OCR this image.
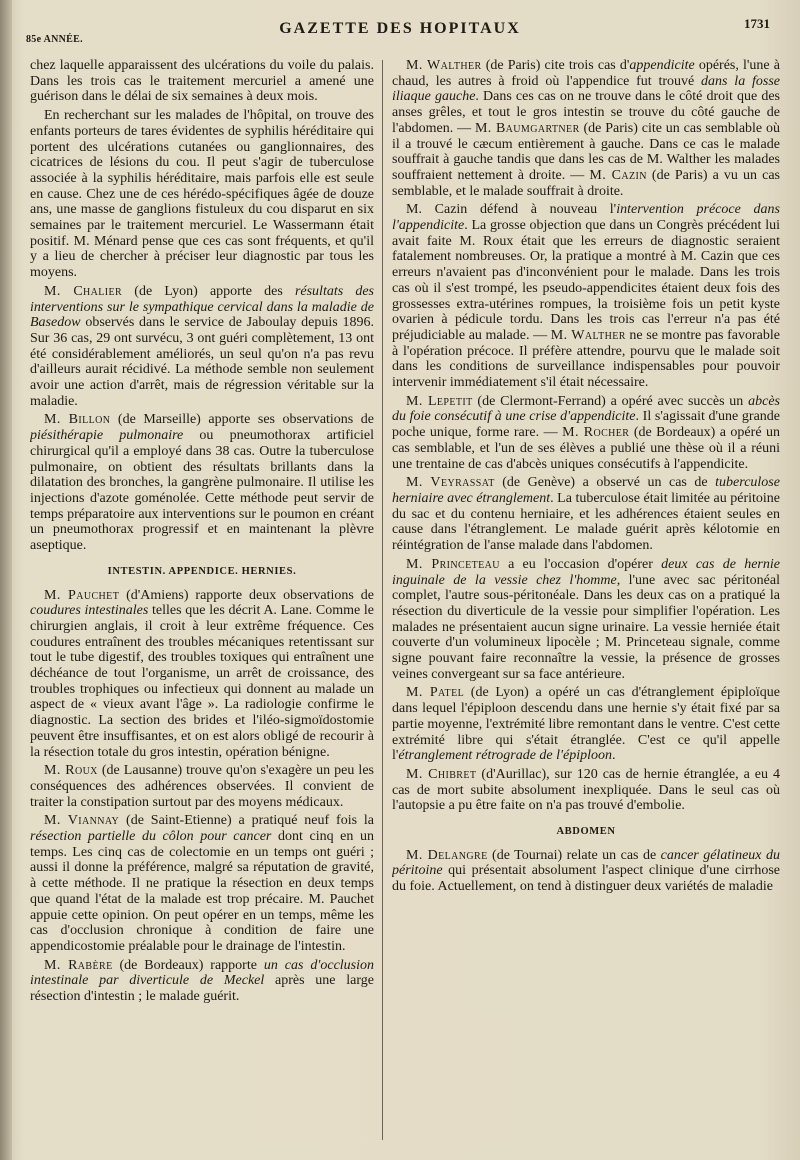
85e ANNÉE.
GAZETTE DES HOPITAUX	1731

chez laquelle apparaissent des ulcérations du voile du palais. Dans les trois cas le traitement mercuriel a amené une guérison dans le délai de six semaines à deux mois.

En recherchant sur les malades de l'hôpital, on trouve des enfants porteurs de tares évidentes de syphilis héréditaire qui portent des ulcérations cutanées ou ganglionnaires, des cicatrices de lésions du cou. Il peut s'agir de tuberculose associée à la syphilis héréditaire, mais parfois elle est seule en cause. Chez une de ces hérédo-spécifiques âgée de douze ans, une masse de ganglions fistuleux du cou disparut en six semaines par le traitement mercuriel. Le Wassermann était positif. M. Ménard pense que ces cas sont fréquents, et qu'il y a lieu de chercher à préciser leur diagnostic par tous les moyens.

M. Chalier (de Lyon) apporte des résultats des interventions sur le sympathique cervical dans la maladie de Basedow observés dans le service de Jaboulay depuis 1896. Sur 36 cas, 29 ont survécu, 3 ont guéri complètement, 13 ont été considérablement améliorés, un seul qu'on n'a pas revu d'ailleurs aurait récidivé. La méthode semble non seulement avoir une action d'arrêt, mais de régression véritable sur la maladie.

M. Billon (de Marseille) apporte ses observations de piésithérapie pulmonaire ou pneumothorax artificiel chirurgical qu'il a employé dans 38 cas. Outre la tuberculose pulmonaire, on obtient des résultats brillants dans la dilatation des bronches, la gangrène pulmonaire. Il utilise les injections d'azote goménolée. Cette méthode peut servir de temps préparatoire aux interventions sur le poumon en créant un pneumothorax progressif et en maintenant la plèvre aseptique.

INTESTIN. APPENDICE. HERNIES.

M. Pauchet (d'Amiens) rapporte deux observations de coudures intestinales telles que les décrit A. Lane. Comme le chirurgien anglais, il croit à leur extrême fréquence. Ces coudures entraînent des troubles mécaniques retentissant sur tout le tube digestif, des troubles toxiques qui entraînent une déchéance de tout l'organisme, un arrêt de croissance, des troubles trophiques ou infectieux qui donnent au malade un aspect de « vieux avant l'âge ». La radiologie confirme le diagnostic. La section des brides et l'iléo-sigmoïdostomie peuvent être insuffisantes, et on est alors obligé de recourir à la résection totale du gros intestin, opération bénigne.

M. Roux (de Lausanne) trouve qu'on s'exagère un peu les conséquences des adhérences observées. Il convient de traiter la constipation surtout par des moyens médicaux.

M. Viannay (de Saint-Etienne) a pratiqué neuf fois la résection partielle du côlon pour cancer dont cinq en un temps. Les cinq cas de colectomie en un temps ont guéri ; aussi il donne la préférence, malgré sa réputation de gravité, à cette méthode. Il ne pratique la résection en deux temps que quand l'état de la malade est trop précaire. M. Pauchet appuie cette opinion. On peut opérer en un temps, même les cas d'occlusion chronique à condition de faire une appendicostomie préalable pour le drainage de l'intestin.

M. Rabère (de Bordeaux) rapporte un cas d'occlusion intestinale par diverticule de Meckel après une large résection d'intestin ; le malade guérit.

M. Walther (de Paris) cite trois cas d'appendicite opérés, l'une à chaud, les autres à froid où l'appendice fut trouvé dans la fosse iliaque gauche. Dans ces cas on ne trouve dans le côté droit que des anses grêles, et tout le gros intestin se trouve du côté gauche de l'abdomen. — M. Baumgartner (de Paris) cite un cas semblable où il a trouvé le cæcum entièrement à gauche. Dans ce cas le malade souffrait à gauche tandis que dans les cas de M. Walther les malades souffraient nettement à droite. — M. Cazin (de Paris) a vu un cas semblable, et le malade souffrait à droite.

M. Cazin défend à nouveau l'intervention précoce dans l'appendicite. La grosse objection que dans un Congrès précédent lui avait faite M. Roux était que les erreurs de diagnostic seraient fatalement nombreuses. Or, la pratique a montré à M. Cazin que ces erreurs n'avaient pas d'inconvénient pour le malade. Dans les trois cas où il s'est trompé, les pseudo-appendicites étaient deux fois des grossesses extra-utérines rompues, la troisième fois un petit kyste ovarien à pédicule tordu. Dans les trois cas l'erreur n'a pas été préjudiciable au malade. — M. Walther ne se montre pas favorable à l'opération précoce. Il préfère attendre, pourvu que le malade soit dans les conditions de surveillance indispensables pour pouvoir intervenir immédiatement s'il était nécessaire.

M. Lepetit (de Clermont-Ferrand) a opéré avec succès un abcès du foie consécutif à une crise d'appendicite. Il s'agissait d'une grande poche unique, forme rare. — M. Rocher (de Bordeaux) a opéré un cas semblable, et l'un de ses élèves a publié une thèse où il a réuni une trentaine de cas d'abcès uniques consécutifs à l'appendicite.

M. Veyrassat (de Genève) a observé un cas de tuberculose herniaire avec étranglement. La tuberculose était limitée au péritoine du sac et du contenu herniaire, et les adhérences étaient seules en cause dans l'étranglement. Le malade guérit après kélotomie en réintégration de l'anse malade dans l'abdomen.

M. Princeteau a eu l'occasion d'opérer deux cas de hernie inguinale de la vessie chez l'homme, l'une avec sac péritonéal complet, l'autre sous-péritonéale. Dans les deux cas on a pratiqué la résection du diverticule de la vessie pour simplifier l'opération. Les malades ne présentaient aucun signe urinaire. La vessie herniée était couverte d'un volumineux lipocèle ; M. Princeteau signale, comme signe pouvant faire reconnaître la vessie, la présence de grosses veines convergeant sur sa face antérieure.

M. Patel (de Lyon) a opéré un cas d'étranglement épiploïque dans lequel l'épiploon descendu dans une hernie s'y était fixé par sa partie moyenne, l'extrémité libre remontant dans le ventre. C'est cette extrémité libre qui s'était étranglée. C'est ce qu'il appelle l'étranglement rétrograde de l'épiploon.

M. Chibret (d'Aurillac), sur 120 cas de hernie étranglée, a eu 4 cas de mort subite absolument inexpliquée. Dans le seul cas où l'autopsie a pu être faite on n'a pas trouvé d'embolie.

ABDOMEN

M. Delangre (de Tournai) relate un cas de cancer gélatineux du péritoine qui présentait absolument l'aspect clinique d'une cirrhose du foie. Actuellement, on tend à distinguer deux variétés de maladie
